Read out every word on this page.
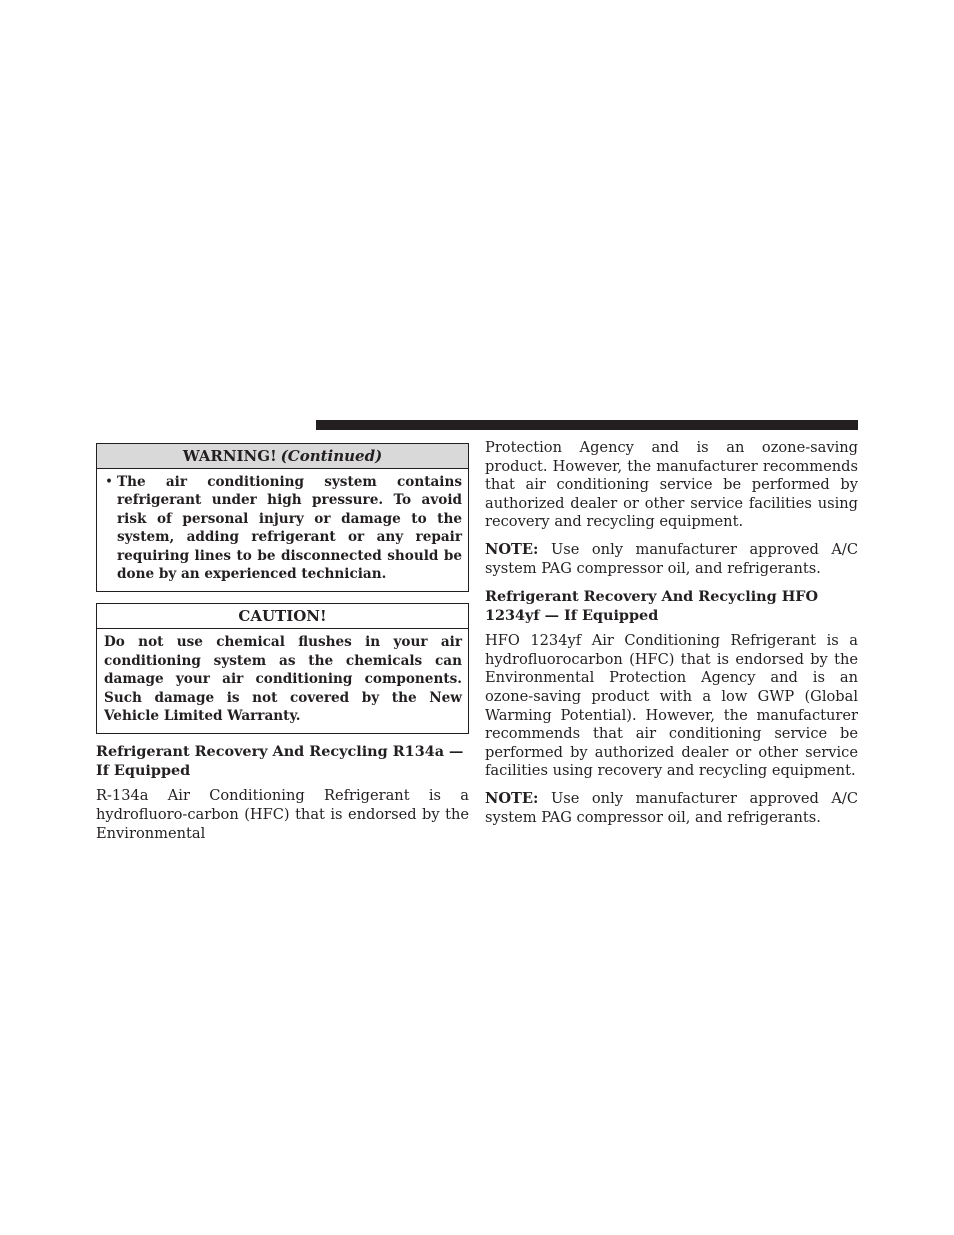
WARNING! (Continued)
• The air conditioning system contains refrigerant under high pressure. To avoid risk of personal injury or damage to the system, adding refrigerant or any repair requiring lines to be disconnected should be done by an experienced technician.
CAUTION!
Do not use chemical flushes in your air conditioning system as the chemicals can damage your air conditioning components. Such damage is not covered by the New Vehicle Limited Warranty.
Refrigerant Recovery And Recycling R134a — If Equipped

R-134a Air Conditioning Refrigerant is a hydrofluoro-carbon (HFC) that is endorsed by the Environmental

Protection Agency and is an ozone-saving product. However, the manufacturer recommends that air conditioning service be performed by authorized dealer or other service facilities using recovery and recycling equipment.

NOTE: Use only manufacturer approved A/C system PAG compressor oil, and refrigerants.

Refrigerant Recovery And Recycling HFO 1234yf — If Equipped

HFO 1234yf Air Conditioning Refrigerant is a hydrofluorocarbon (HFC) that is endorsed by the Environmental Protection Agency and is an ozone-saving product with a low GWP (Global Warming Potential). However, the manufacturer recommends that air conditioning service be performed by authorized dealer or other service facilities using recovery and recycling equipment.

NOTE: Use only manufacturer approved A/C system PAG compressor oil, and refrigerants.
